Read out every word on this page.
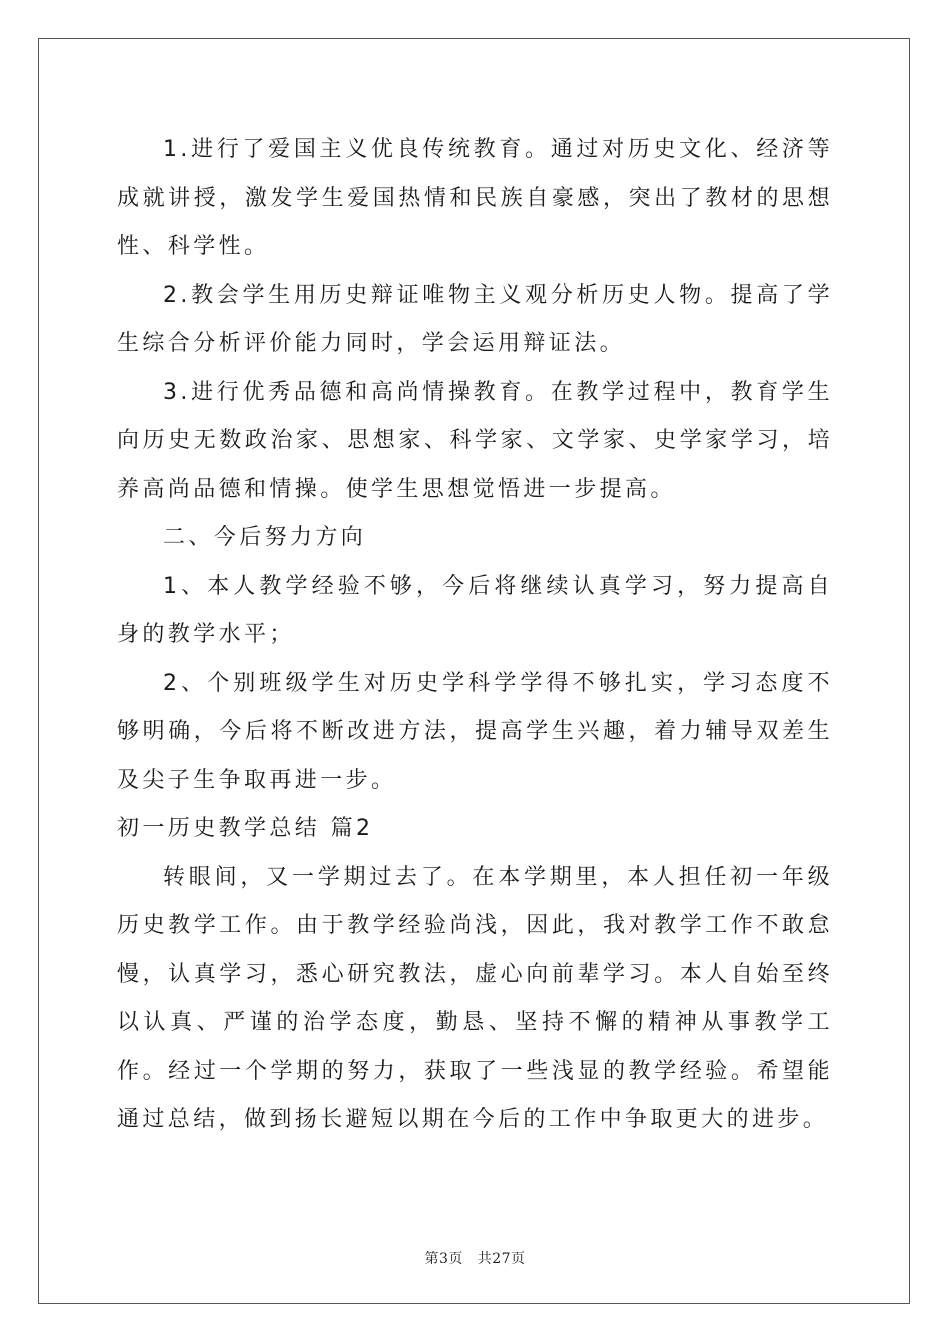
1.进行了爱国主义优良传统教育。通过对历史文化、经济等成就讲授，激发学生爱国热情和民族自豪感，突出了教材的思想性、科学性。

2.教会学生用历史辩证唯物主义观分析历史人物。提高了学生综合分析评价能力同时，学会运用辩证法。

3.进行优秀品德和高尚情操教育。在教学过程中，教育学生向历史无数政治家、思想家、科学家、文学家、史学家学习，培养高尚品德和情操。使学生思想觉悟进一步提高。

二、今后努力方向

1、本人教学经验不够，今后将继续认真学习，努力提高自身的教学水平；

2、个别班级学生对历史学科学学得不够扎实，学习态度不够明确，今后将不断改进方法，提高学生兴趣，着力辅导双差生及尖子生争取再进一步。

初一历史教学总结 篇2

转眼间，又一学期过去了。在本学期里，本人担任初一年级历史教学工作。由于教学经验尚浅，因此，我对教学工作不敢怠慢，认真学习，悉心研究教法，虚心向前辈学习。本人自始至终以认真、严谨的治学态度，勤恳、坚持不懈的精神从事教学工作。经过一个学期的努力，获取了一些浅显的教学经验。希望能通过总结，做到扬长避短以期在今后的工作中争取更大的进步。

第3页   共27页
